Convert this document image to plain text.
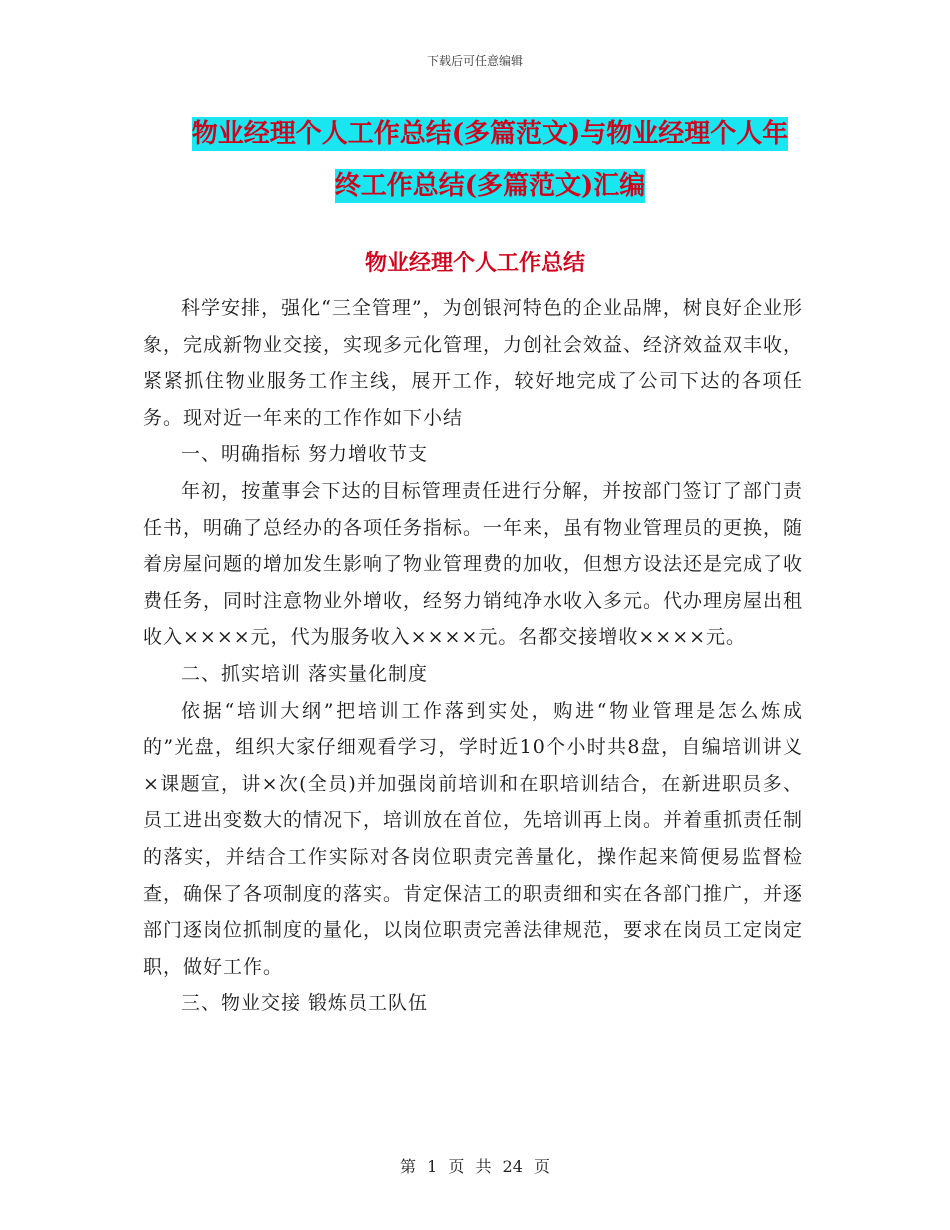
下载后可任意编辑
物业经理个人工作总结(多篇范文)与物业经理个人年
终工作总结(多篇范文)汇编
物业经理个人工作总结

科学安排，强化“三全管理”，为创银河特色的企业品牌，树良好企业形象，完成新物业交接，实现多元化管理，力创社会效益、经济效益双丰收，紧紧抓住物业服务工作主线，展开工作，较好地完成了公司下达的各项任务。现对近一年来的工作作如下小结

一、明确指标 努力增收节支

年初，按董事会下达的目标管理责任进行分解，并按部门签订了部门责任书，明确了总经办的各项任务指标。一年来，虽有物业管理员的更换，随着房屋问题的增加发生影响了物业管理费的加收，但想方设法还是完成了收费任务，同时注意物业外增收，经努力销纯净水收入多元。代办理房屋出租收入××××元，代为服务收入××××元。名都交接增收××××元。

二、抓实培训 落实量化制度

依据“培训大纲”把培训工作落到实处，购进“物业管理是怎么炼成的”光盘，组织大家仔细观看学习，学时近10个小时共8盘，自编培训讲义×课题宣，讲×次(全员)并加强岗前培训和在职培训结合，在新进职员多、员工进出变数大的情况下，培训放在首位，先培训再上岗。并着重抓责任制的落实，并结合工作实际对各岗位职责完善量化，操作起来简便易监督检查，确保了各项制度的落实。肯定保洁工的职责细和实在各部门推广，并逐部门逐岗位抓制度的量化，以岗位职责完善法律规范，要求在岗员工定岗定职，做好工作。

三、物业交接 锻炼员工队伍

第 1 页 共 24 页
